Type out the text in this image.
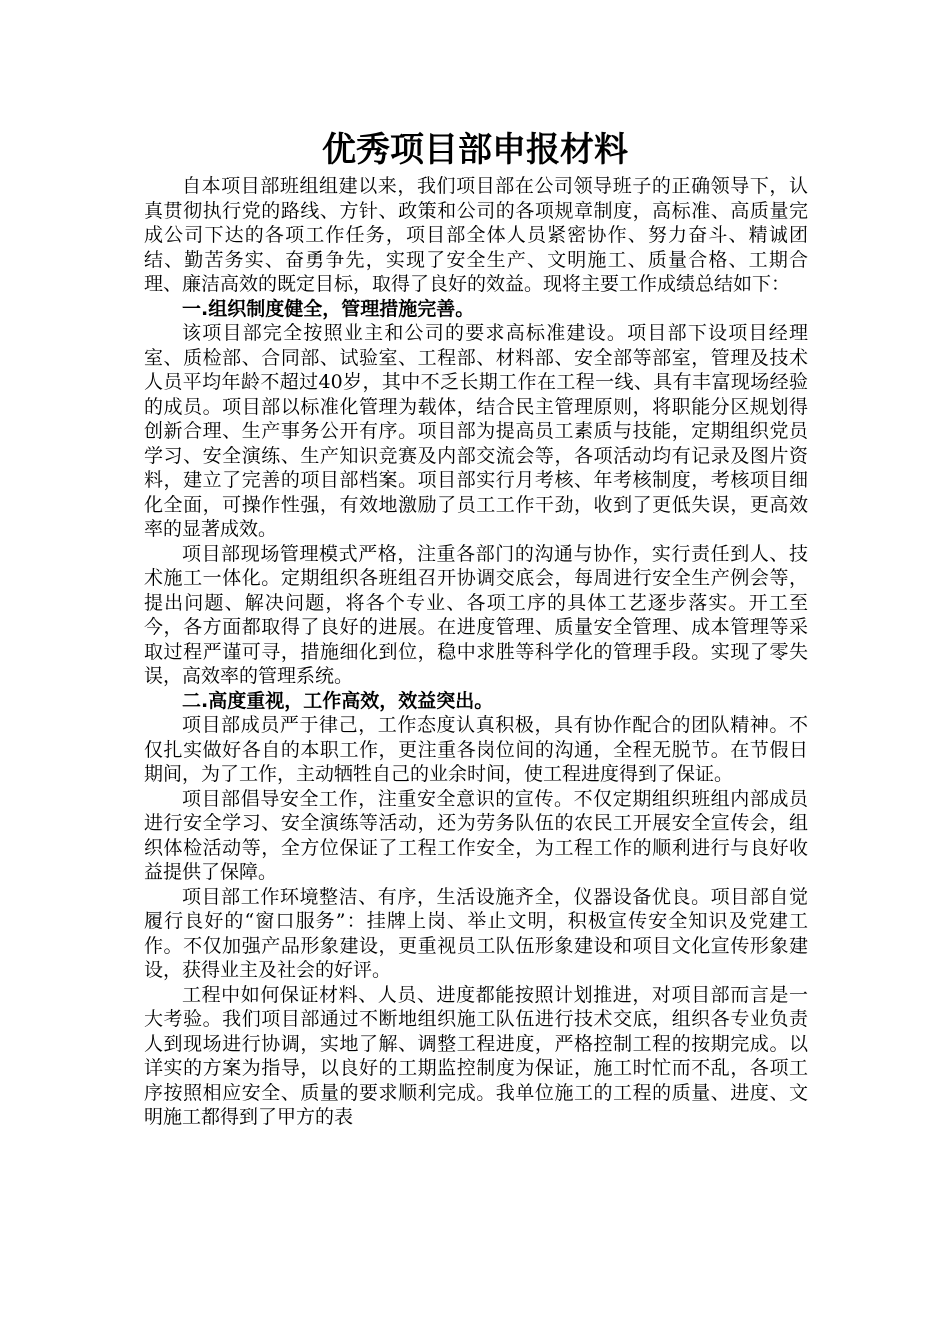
优秀项目部申报材料

自本项目部班组组建以来，我们项目部在公司领导班子的正确领导下，认真贯彻执行党的路线、方针、政策和公司的各项规章制度，高标准、高质量完成公司下达的各项工作任务，项目部全体人员紧密协作、努力奋斗、精诚团结、勤苦务实、奋勇争先，实现了安全生产、文明施工、质量合格、工期合理、廉洁高效的既定目标，取得了良好的效益。现将主要工作成绩总结如下：

一.组织制度健全，管理措施完善。

该项目部完全按照业主和公司的要求高标准建设。项目部下设项目经理室、质检部、合同部、试验室、工程部、材料部、安全部等部室，管理及技术人员平均年龄不超过40岁，其中不乏长期工作在工程一线、具有丰富现场经验的成员。项目部以标准化管理为载体，结合民主管理原则，将职能分区规划得创新合理、生产事务公开有序。项目部为提高员工素质与技能，定期组织党员学习、安全演练、生产知识竞赛及内部交流会等，各项活动均有记录及图片资料，建立了完善的项目部档案。项目部实行月考核、年考核制度，考核项目细化全面，可操作性强，有效地激励了员工工作干劲，收到了更低失误，更高效率的显著成效。

项目部现场管理模式严格，注重各部门的沟通与协作，实行责任到人、技术施工一体化。定期组织各班组召开协调交底会，每周进行安全生产例会等，提出问题、解决问题，将各个专业、各项工序的具体工艺逐步落实。开工至今，各方面都取得了良好的进展。在进度管理、质量安全管理、成本管理等采取过程严谨可寻，措施细化到位，稳中求胜等科学化的管理手段。实现了零失误，高效率的管理系统。

二.高度重视，工作高效，效益突出。

项目部成员严于律己，工作态度认真积极，具有协作配合的团队精神。不仅扎实做好各自的本职工作，更注重各岗位间的沟通，全程无脱节。在节假日期间，为了工作，主动牺牲自己的业余时间，使工程进度得到了保证。

项目部倡导安全工作，注重安全意识的宣传。不仅定期组织班组内部成员进行安全学习、安全演练等活动，还为劳务队伍的农民工开展安全宣传会，组织体检活动等，全方位保证了工程工作安全，为工程工作的顺利进行与良好收益提供了保障。

项目部工作环境整洁、有序，生活设施齐全，仪器设备优良。项目部自觉履行良好的“窗口服务”：挂牌上岗、举止文明，积极宣传安全知识及党建工作。不仅加强产品形象建设，更重视员工队伍形象建设和项目文化宣传形象建设，获得业主及社会的好评。

工程中如何保证材料、人员、进度都能按照计划推进，对项目部而言是一大考验。我们项目部通过不断地组织施工队伍进行技术交底，组织各专业负责人到现场进行协调，实地了解、调整工程进度，严格控制工程的按期完成。以详实的方案为指导，以良好的工期监控制度为保证，施工时忙而不乱，各项工序按照相应安全、质量的要求顺利完成。我单位施工的工程的质量、进度、文明施工都得到了甲方的表
